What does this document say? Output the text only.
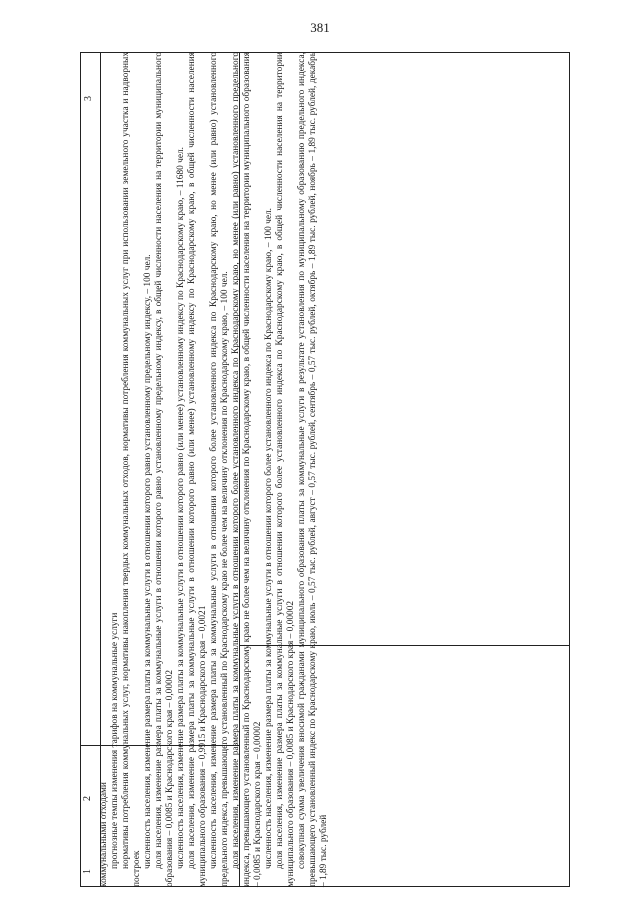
381
2
3
1 коммунальными отходами прогнозные темпы изменения тарифов на коммунальные услуги нормативы потребления коммунальных услуг, нормативы накопления твердых коммунальных отходов, нормативы потребления коммунальных услуг при использовании земельного участка и надворных построек численность населения, изменение размера платы за коммунальные услуги в отношении которого равно установленному предельному индексу, – 100 чел. доля населения, изменение размера платы за коммунальные услуги в отношении которого равно установленному предельному индексу, в общей численности населения на территории муниципального образования – 0,0085 и Краснодарского края – 0,00002 численность населения, изменение размера платы за коммунальные услуги в отношении которого равно (или менее) установленному индексу по Краснодарскому краю, – 11680 чел. доля населения, изменение размера платы за коммунальные услуги в отношении которого равно (или менее) установленному индексу по Краснодарскому краю, в общей численности населения муниципального образования – 0,9915 и Краснодарского края – 0,0021 численность населения, изменение размера платы за коммунальные услуги в отношении которого более установленного индекса по Краснодарскому краю, но менее (или равно) установленного предельного индекса, превышающего установленный по Краснодарскому краю не более чем на величину отклонения по Краснодарскому краю, – 100 чел. доля населения, изменение размера платы за коммунальные услуги в отношении которого более установленного индекса по Краснодарскому краю, но менее (или равно) установленного предельного индекса, превышающего установленный по Краснодарскому краю не более чем на величину отклонения по Краснодарскому краю, в общей численности населения на территории муниципального образования – 0,0085 и Краснодарского края – 0,00002 численность населения, изменение размера платы за коммунальные услуги в отношении которого более установленного индекса по Краснодарскому краю, – 100 чел. доля населения, изменение размера платы за коммунальные услуги в отношении которого более установленного индекса по Краснодарскому краю, в общей численности населения на территории муниципального образования – 0,0085 и Краснодарского края – 0,00002 совокупная сумма увеличения вносимой гражданами муниципального образования платы за коммунальные услуги в результате установления по муниципальному образованию предельного индекса, превышающего установленный индекс по Краснодарскому краю, июль – 0,57 тыс. рублей, август – 0,57 тыс. рублей, сентябрь – 0,57 тыс. рублей, октябрь – 1,89 тыс. рублей, ноябрь – 1,89 тыс. рублей, декабрь – 1,89 тыс. рублей
